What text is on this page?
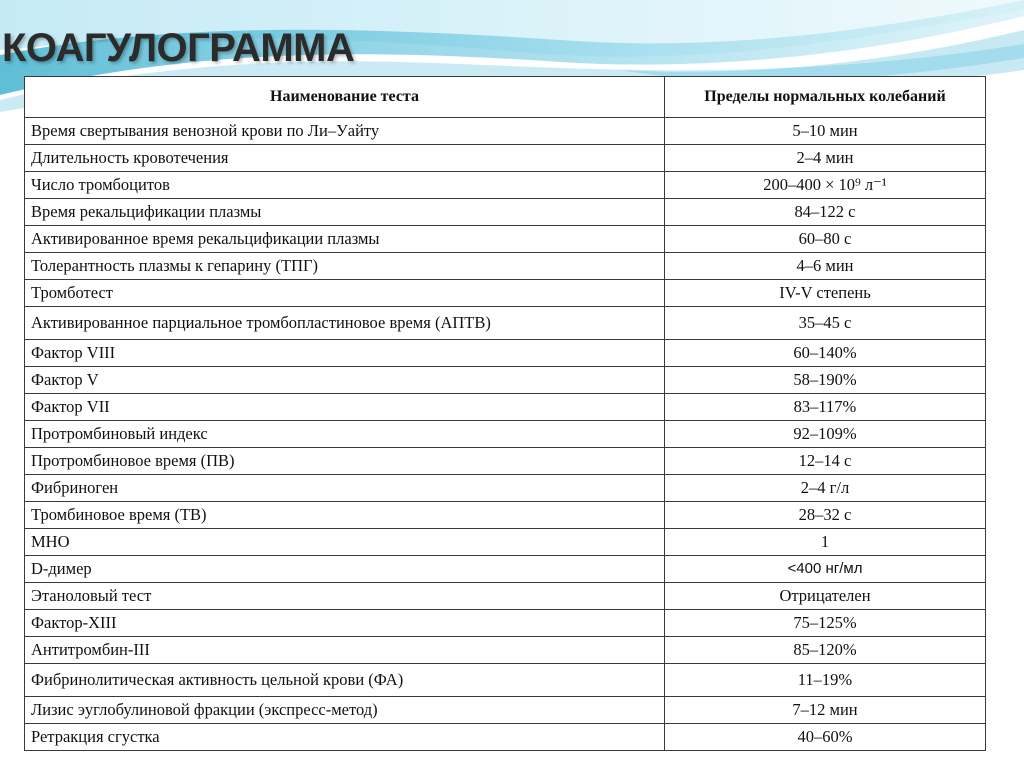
КОАГУЛОГРАММА
Наименование теста	Пределы нормальных колебаний
Время свертывания венозной крови по Ли–Уайту	5–10 мин
Длительность кровотечения	2–4 мин
Число тромбоцитов	200–400 × 10⁹ л⁻¹
Время рекальцификации плазмы	84–122 с
Активированное время рекальцификации плазмы	60–80 с
Толерантность плазмы к гепарину (ТПГ)	4–6 мин
Тромботест	IV-V степень
Активированное парциальное тромбопластиновое время (АПТВ)	35–45 с
Фактор VIII	60–140%
Фактор V	58–190%
Фактор VII	83–117%
Протромбиновый индекс	92–109%
Протромбиновое время (ПВ)	12–14 с
Фибриноген	2–4 г/л
Тромбиновое время (ТВ)	28–32 с
МНО	1
D-димер	<400 нг/мл
Этаноловый тест	Отрицателен
Фактор-XIII	75–125%
Антитромбин-III	85–120%
Фибринолитическая активность цельной крови (ФА)	11–19%
Лизис эуглобулиновой фракции (экспресс-метод)	7–12 мин
Ретракция сгустка	40–60%
